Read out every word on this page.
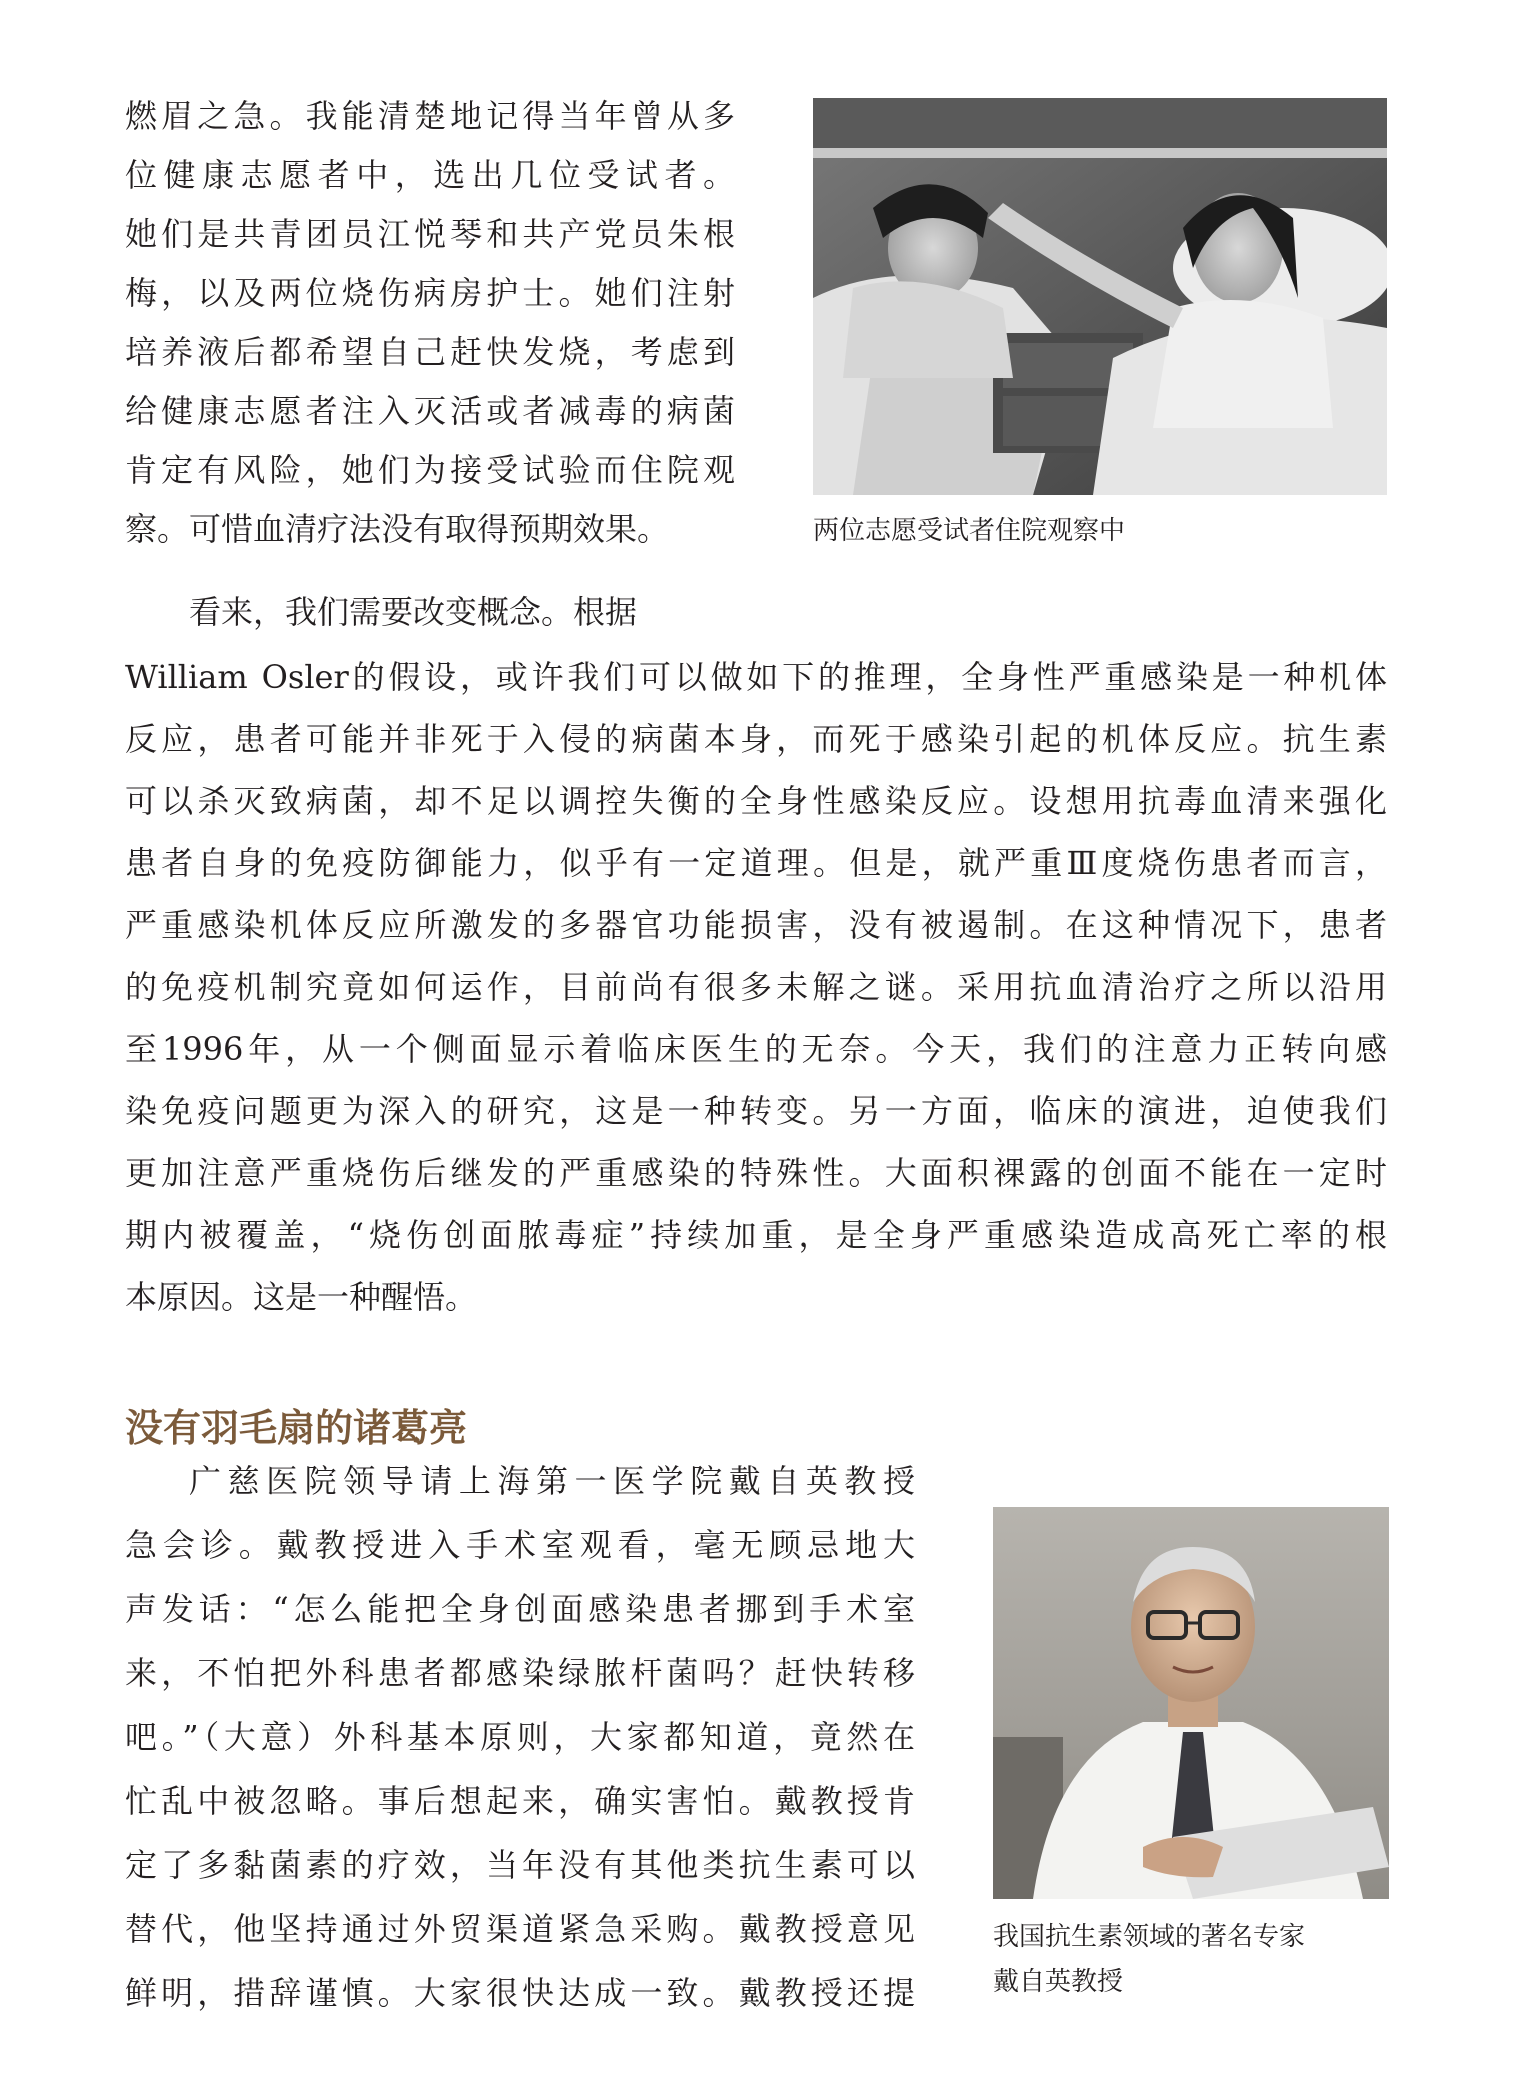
燃眉之急。我能清楚地记得当年曾从多

位健康志愿者中，选出几位受试者。

她们是共青团员江悦琴和共产党员朱根

梅，以及两位烧伤病房护士。她们注射

培养液后都希望自己赶快发烧，考虑到

给健康志愿者注入灭活或者减毒的病菌

肯定有风险，她们为接受试验而住院观

察。可惜血清疗法没有取得预期效果。

看来，我们需要改变概念。根据

William Osler的假设，或许我们可以做如下的推理，全身性严重感染是一种机体

反应，患者可能并非死于入侵的病菌本身，而死于感染引起的机体反应。抗生素

可以杀灭致病菌，却不足以调控失衡的全身性感染反应。设想用抗毒血清来强化

患者自身的免疫防御能力，似乎有一定道理。但是，就严重Ⅲ度烧伤患者而言，

严重感染机体反应所激发的多器官功能损害，没有被遏制。在这种情况下，患者

的免疫机制究竟如何运作，目前尚有很多未解之谜。采用抗血清治疗之所以沿用

至1996年，从一个侧面显示着临床医生的无奈。今天，我们的注意力正转向感

染免疫问题更为深入的研究，这是一种转变。另一方面，临床的演进，迫使我们

更加注意严重烧伤后继发的严重感染的特殊性。大面积裸露的创面不能在一定时

期内被覆盖，“烧伤创面脓毒症”持续加重，是全身严重感染造成高死亡率的根

本原因。这是一种醒悟。

两位志愿受试者住院观察中

没有羽毛扇的诸葛亮

广慈医院领导请上海第一医学院戴自英教授

急会诊。戴教授进入手术室观看，毫无顾忌地大

声发话：“怎么能把全身创面感染患者挪到手术室

来，不怕把外科患者都感染绿脓杆菌吗？赶快转移

吧。”（大意）外科基本原则，大家都知道，竟然在

忙乱中被忽略。事后想起来，确实害怕。戴教授肯

定了多黏菌素的疗效，当年没有其他类抗生素可以

替代，他坚持通过外贸渠道紧急采购。戴教授意见

鲜明，措辞谨慎。大家很快达成一致。戴教授还提

我国抗生素领域的著名专家

戴自英教授
